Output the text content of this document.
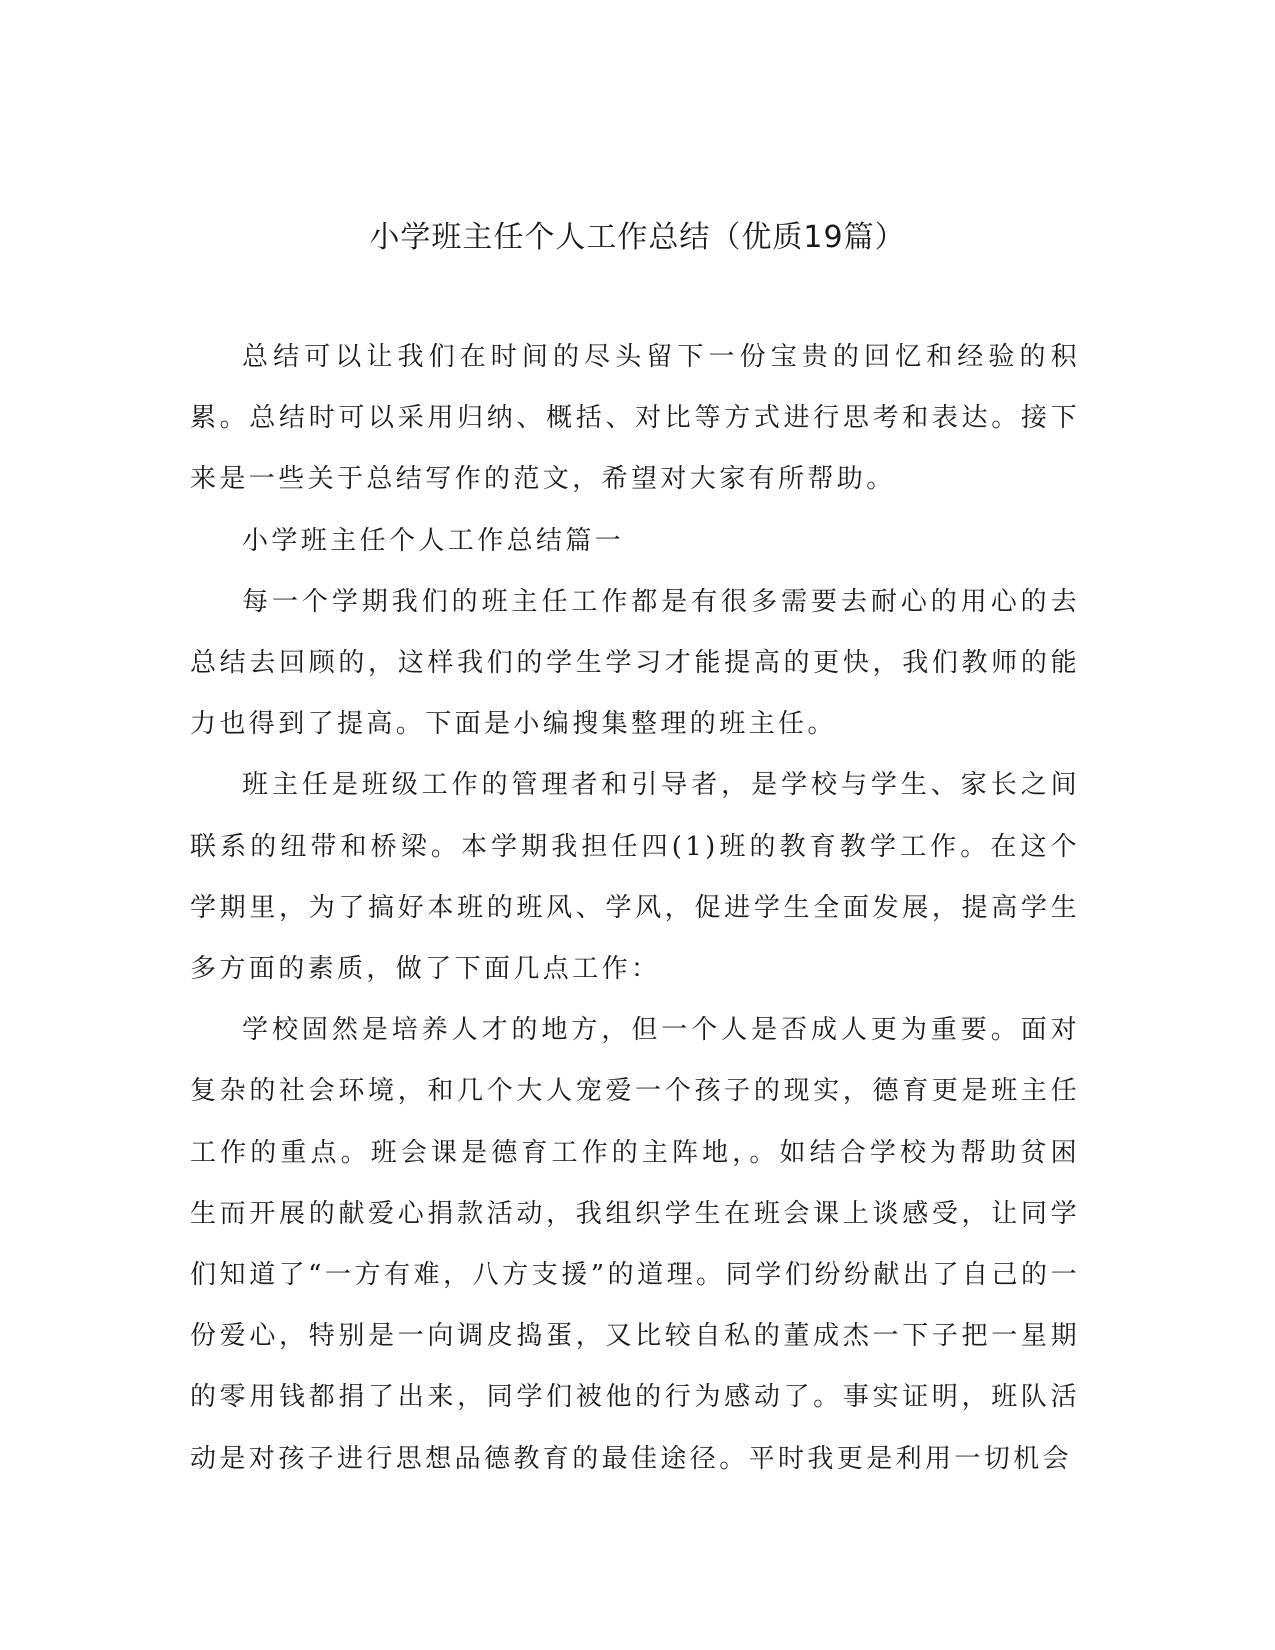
小学班主任个人工作总结（优质19篇）

总结可以让我们在时间的尽头留下一份宝贵的回忆和经验的积累。总结时可以采用归纳、概括、对比等方式进行思考和表达。接下来是一些关于总结写作的范文，希望对大家有所帮助。

小学班主任个人工作总结篇一

每一个学期我们的班主任工作都是有很多需要去耐心的用心的去总结去回顾的，这样我们的学生学习才能提高的更快，我们教师的能力也得到了提高。下面是小编搜集整理的班主任。

班主任是班级工作的管理者和引导者，是学校与学生、家长之间联系的纽带和桥梁。本学期我担任四(1)班的教育教学工作。在这个学期里，为了搞好本班的班风、学风，促进学生全面发展，提高学生多方面的素质，做了下面几点工作：

学校固然是培养人才的地方，但一个人是否成人更为重要。面对复杂的社会环境，和几个大人宠爱一个孩子的现实，德育更是班主任工作的重点。班会课是德育工作的主阵地，。如结合学校为帮助贫困生而开展的献爱心捐款活动，我组织学生在班会课上谈感受，让同学们知道了“一方有难，八方支援”的道理。同学们纷纷献出了自己的一份爱心，特别是一向调皮捣蛋，又比较自私的董成杰一下子把一星期的零用钱都捐了出来，同学们被他的行为感动了。事实证明，班队活动是对孩子进行思想品德教育的最佳途径。平时我更是利用一切机会
